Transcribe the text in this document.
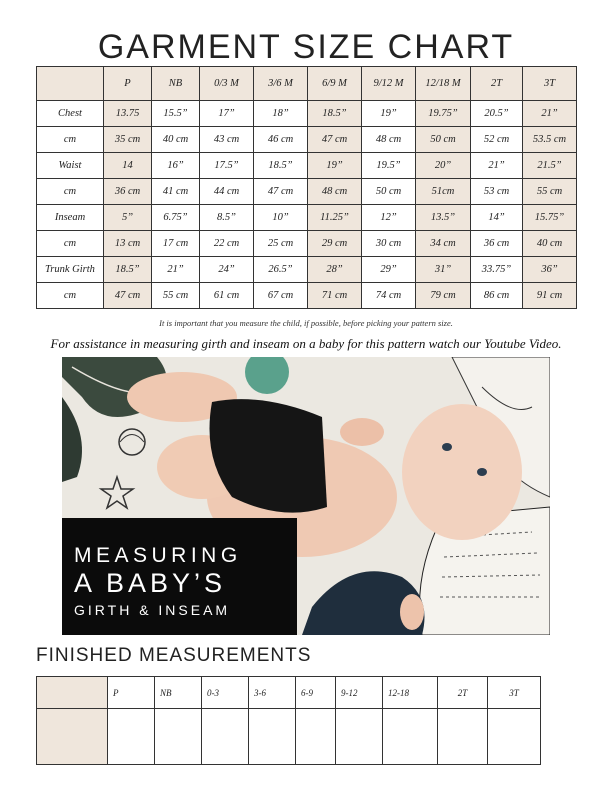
GARMENT SIZE CHART
	P	NB	0/3 M	3/6 M	6/9 M	9/12 M	12/18 M	2T	3T
Chest	13.75	15.5”	17”	18”	18.5”	19”	19.75”	20.5”	21”
cm	35 cm	40 cm	43 cm	46 cm	47 cm	48 cm	50 cm	52 cm	53.5 cm
Waist	14	16”	17.5”	18.5”	19”	19.5”	20”	21”	21.5”
cm	36 cm	41 cm	44 cm	47 cm	48 cm	50 cm	51cm	53 cm	55 cm
Inseam	5”	6.75”	8.5”	10”	11.25”	12”	13.5”	14”	15.75”
cm	13 cm	17 cm	22 cm	25 cm	29 cm	30 cm	34 cm	36 cm	40 cm
Trunk Girth	18.5”	21”	24”	26.5”	28”	29”	31”	33.75”	36”
cm	47 cm	55 cm	61 cm	67 cm	71 cm	74 cm	79 cm	86 cm	91 cm
It is important that you measure the child, if possible, before picking your pattern size.
For assistance in measuring girth and inseam on a baby for this pattern watch our Youtube Video.
MEASURING
A BABY’S
GIRTH & INSEAM
FINISHED MEASUREMENTS
	P	NB	0-3	3-6	6-9	9-12	12-18	2T	3T
